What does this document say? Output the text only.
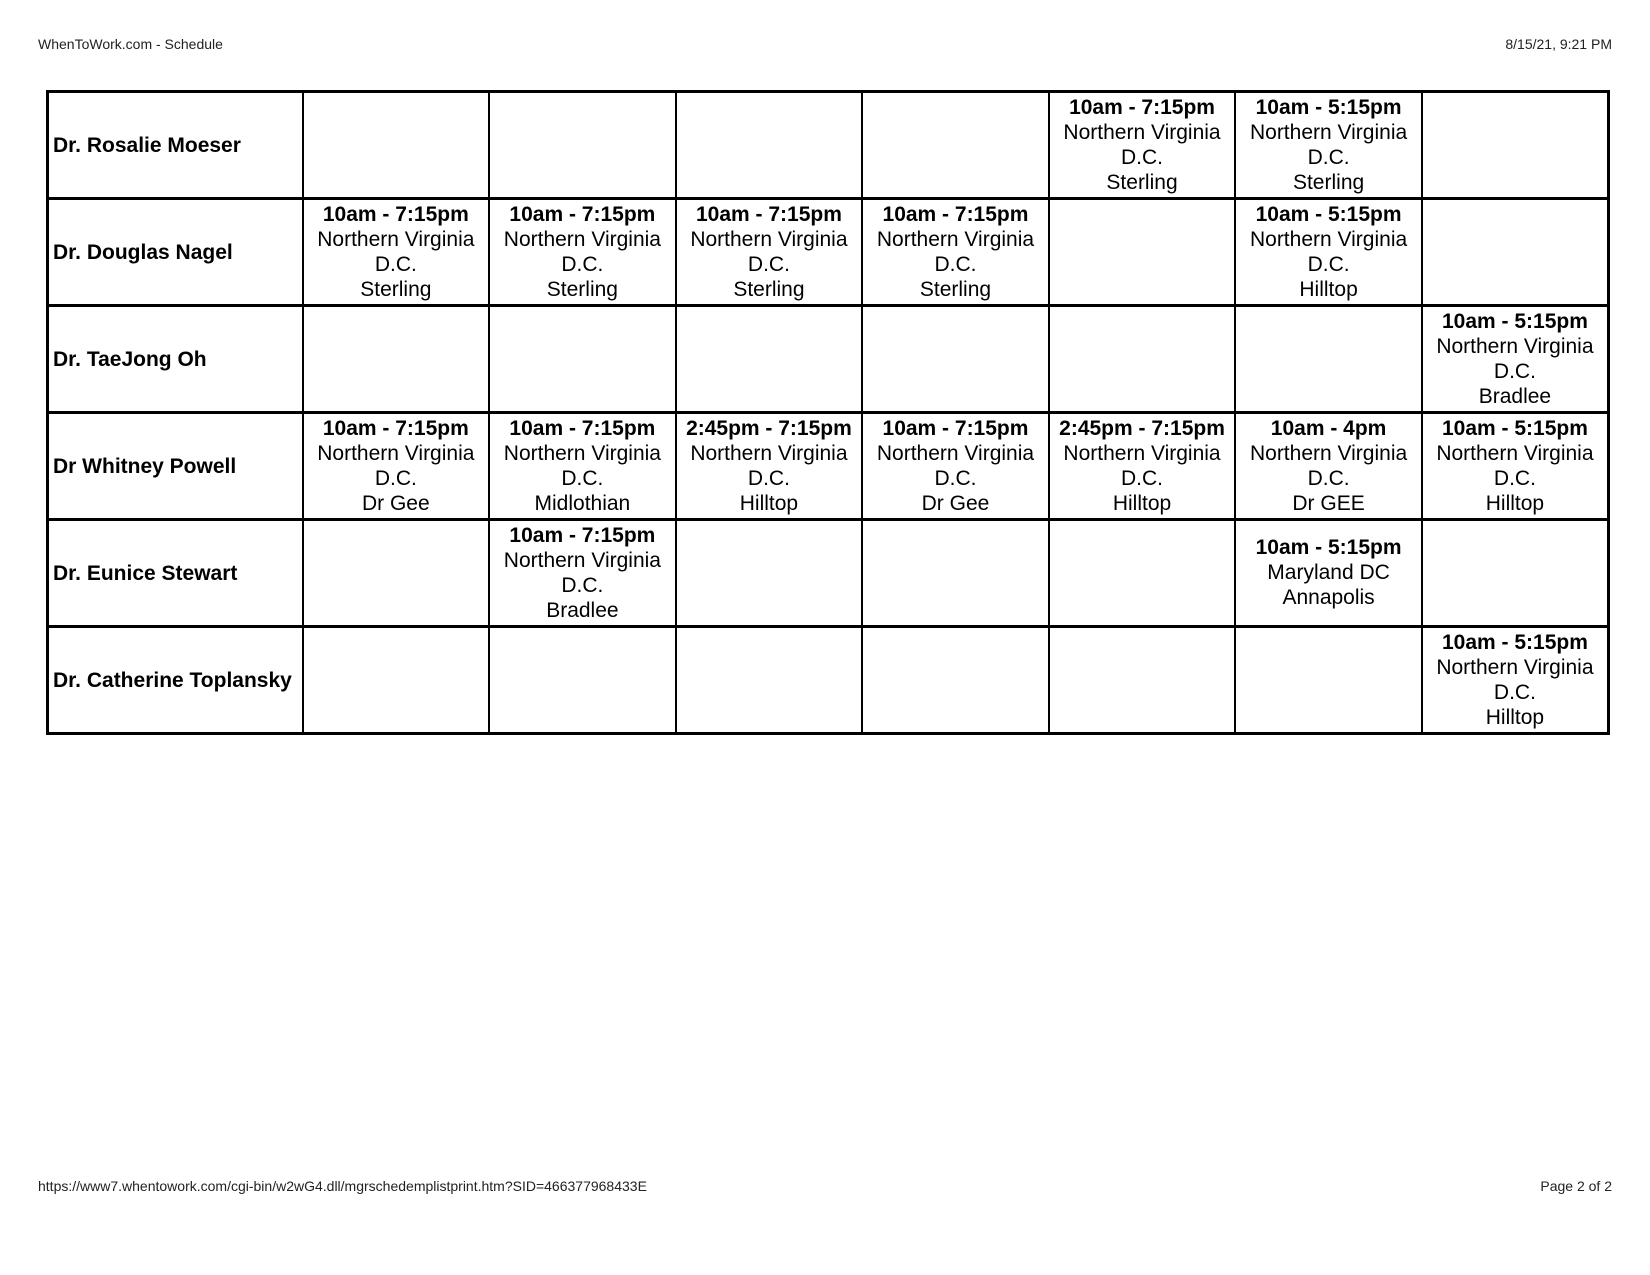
WhenToWork.com - Schedule	8/15/21, 9:21 PM
Dr. Rosalie Moeser					10am - 7:15pm
Northern Virginia
D.C.
Sterling	10am - 5:15pm
Northern Virginia
D.C.
Sterling	

Dr. Douglas Nagel	10am - 7:15pm
Northern Virginia
D.C.
Sterling	10am - 7:15pm
Northern Virginia
D.C.
Sterling	10am - 7:15pm
Northern Virginia
D.C.
Sterling	10am - 7:15pm
Northern Virginia
D.C.
Sterling		10am - 5:15pm
Northern Virginia
D.C.
Hilltop	

Dr. TaeJong Oh							10am - 5:15pm
Northern Virginia
D.C.
Bradlee

Dr Whitney Powell	10am - 7:15pm
Northern Virginia
D.C.
Dr Gee	10am - 7:15pm
Northern Virginia
D.C.
Midlothian	2:45pm - 7:15pm
Northern Virginia
D.C.
Hilltop	10am - 7:15pm
Northern Virginia
D.C.
Dr Gee	2:45pm - 7:15pm
Northern Virginia
D.C.
Hilltop	10am - 4pm
Northern Virginia
D.C.
Dr GEE	10am - 5:15pm
Northern Virginia
D.C.
Hilltop

Dr. Eunice Stewart		10am - 7:15pm
Northern Virginia
D.C.
Bradlee				10am - 5:15pm
Maryland DC
Annapolis	

Dr. Catherine Toplansky							10am - 5:15pm
Northern Virginia
D.C.
Hilltop
https://www7.whentowork.com/cgi-bin/w2wG4.dll/mgrschedemplistprint.htm?SID=466377968433E	Page 2 of 2
